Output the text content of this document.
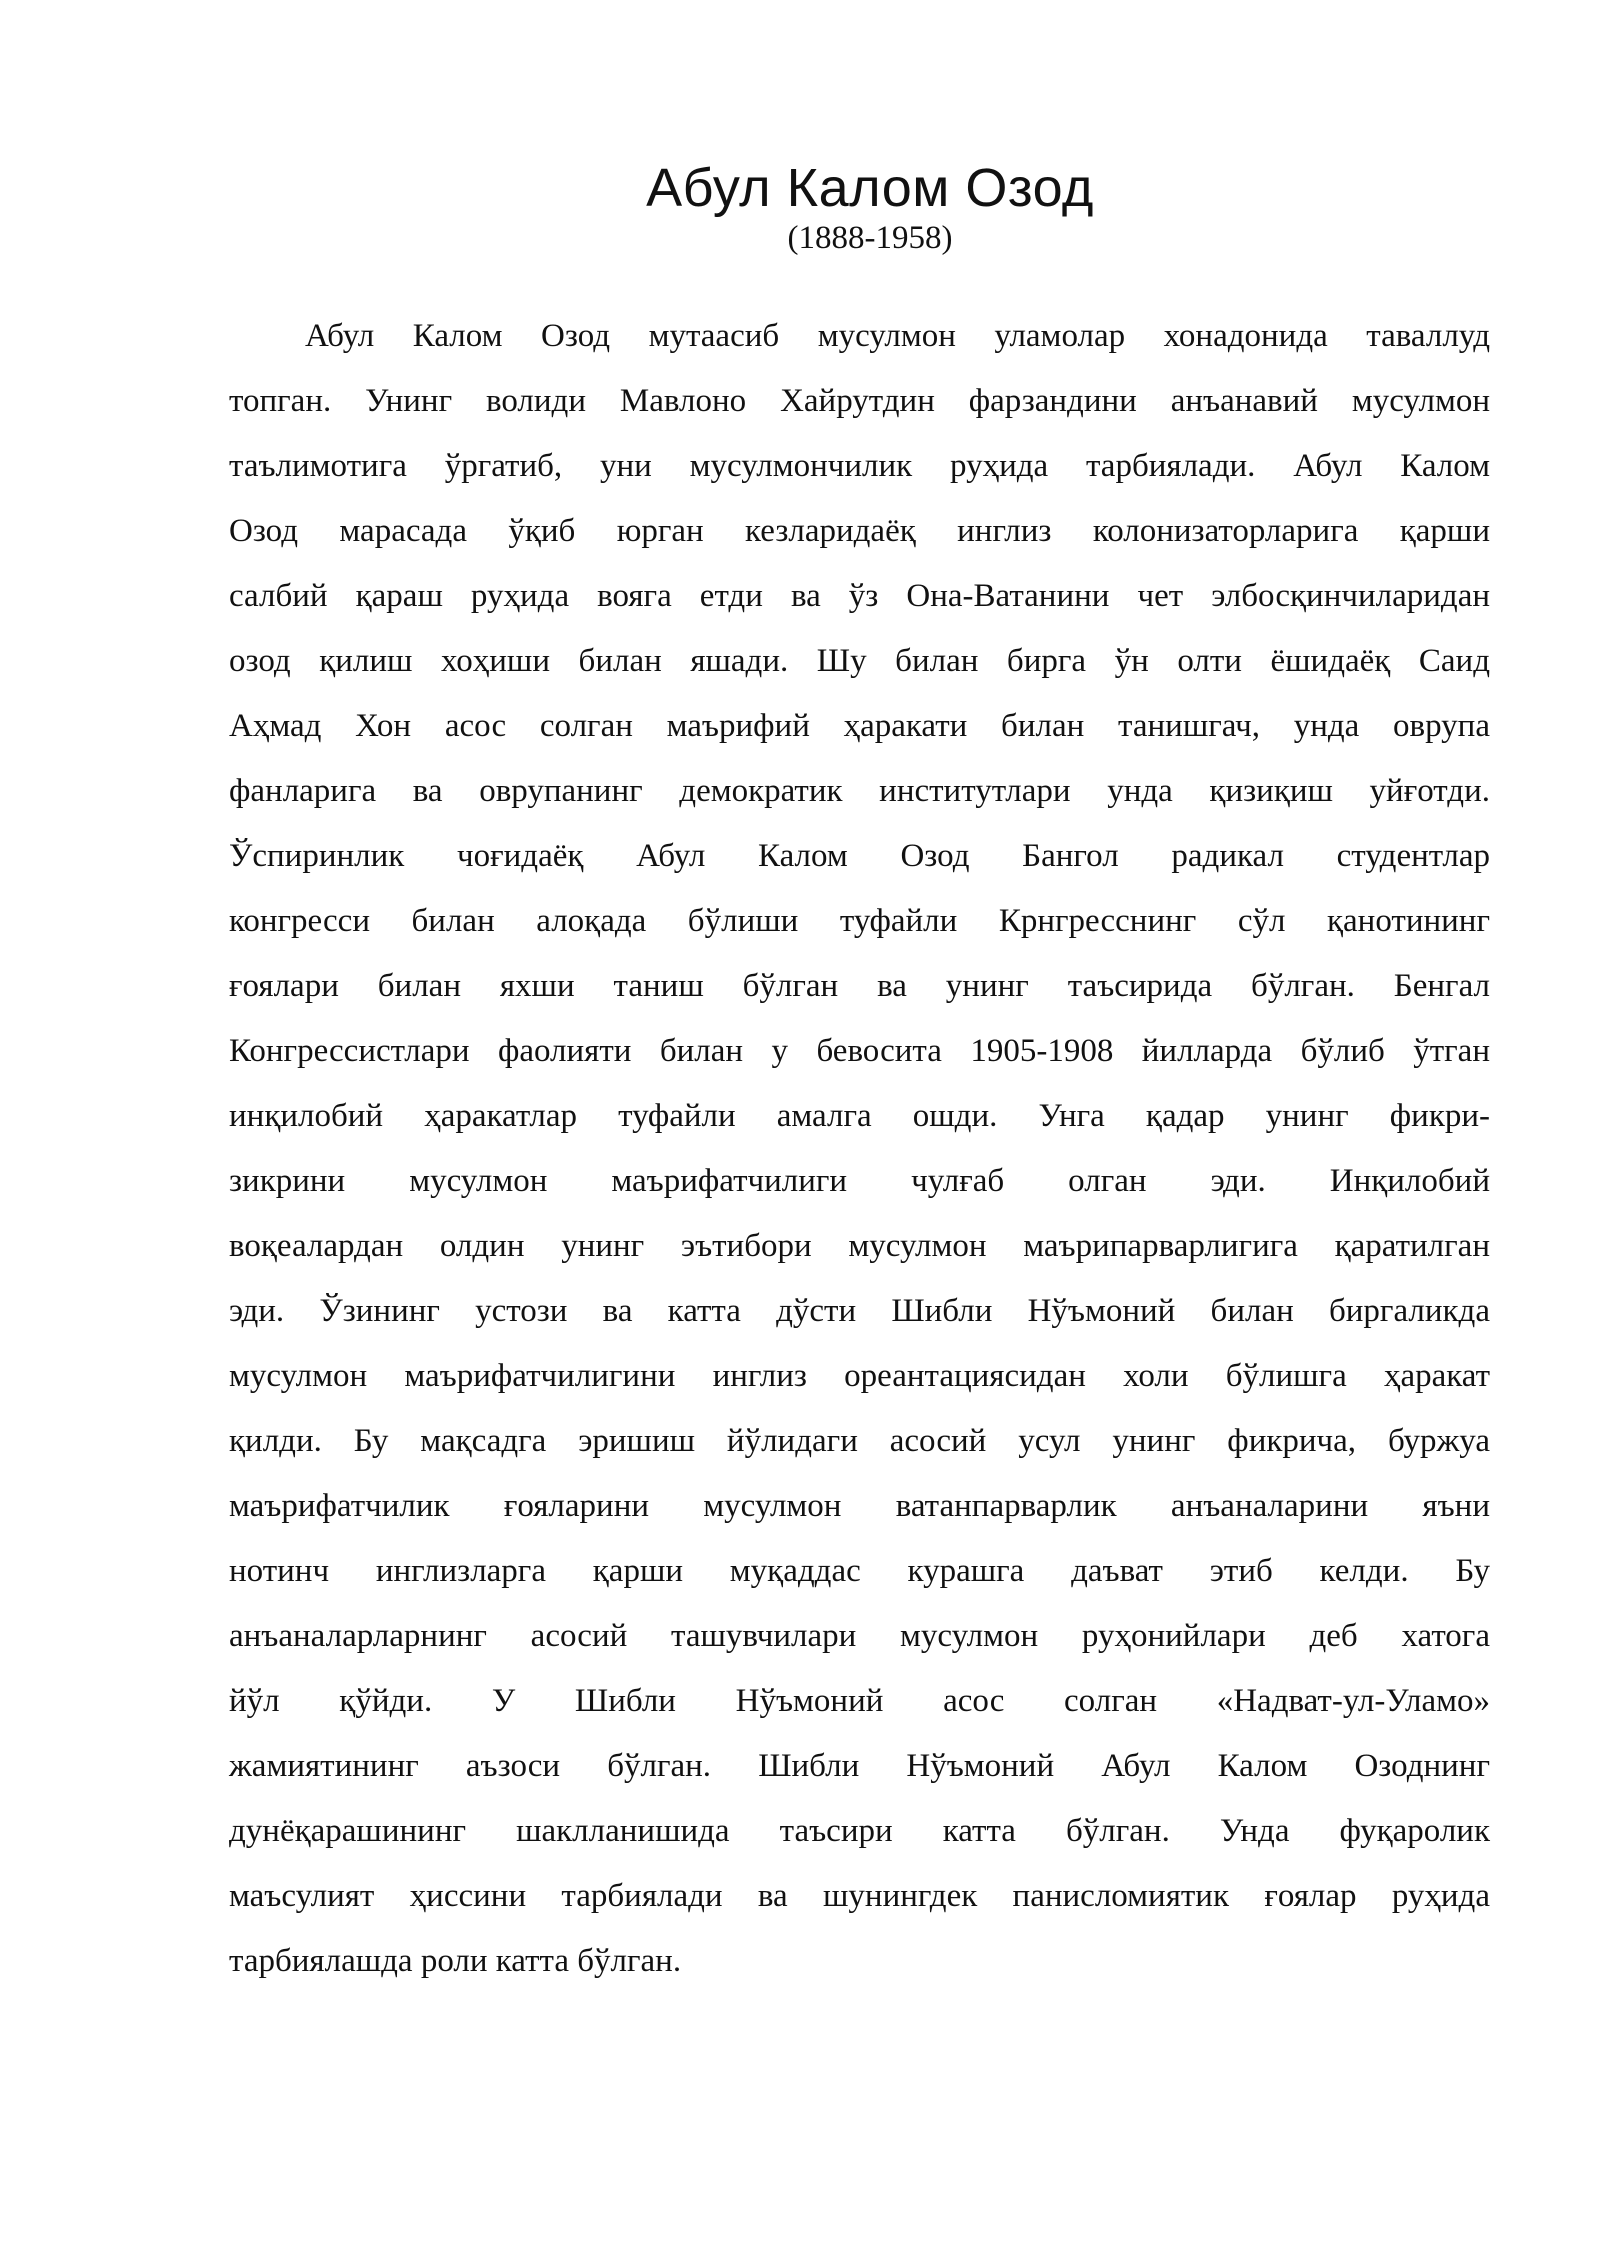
Абул Калом Озод
(1888-1958)
Абул Калом Озод мутаасиб мусулмон уламолар хонадонида таваллуд
топган. Унинг волиди Мавлоно Хайрутдин фарзандини анъанавий мусулмон
таълимотига ўргатиб, уни мусулмончилик руҳида тарбиялади. Абул Калом
Озод марасада ўқиб юрган кезларидаёқ инглиз колонизаторларига қарши
салбий қараш руҳида вояга етди ва ўз Она-Ватанини чет элбосқинчиларидан
озод қилиш хоҳиши билан яшади. Шу билан бирга ўн олти ёшидаёқ Саид
Аҳмад Хон асос солган маърифий ҳаракати билан танишгач, унда оврупа
фанларига ва оврупанинг демократик институтлари унда қизиқиш уйғотди.
Ўспиринлик чоғидаёқ Абул Калом Озод Бангол радикал студентлар
конгресси билан алоқада бўлиши туфайли Крнгресснинг сўл қанотининг
ғоялари билан яхши таниш бўлган ва унинг таъсирида бўлган. Бенгал
Конгрессистлари фаолияти билан у бевосита 1905-1908 йилларда бўлиб ўтган
инқилобий ҳаракатлар туфайли амалга ошди. Унга қадар унинг фикри-
зикрини мусулмон маърифатчилиги чулғаб олган эди. Инқилобий
воқеалардан олдин унинг эътибори мусулмон маърипарварлигига қаратилган
эди. Ўзининг устози ва катта дўсти Шибли Нўъмоний билан биргаликда
мусулмон маърифатчилигини инглиз ореантациясидан холи бўлишга ҳаракат
қилди. Бу мақсадга эришиш йўлидаги асосий усул унинг фикрича, буржуа
маърифатчилик ғояларини мусулмон ватанпарварлик анъаналарини яъни
нотинч инглизларга қарши муқаддас курашга даъват этиб келди. Бу
анъаналарларнинг асосий ташувчилари мусулмон руҳонийлари деб хатога
йўл қўйди. У Шибли Нўъмоний асос солган «Надват-ул-Уламо»
жамиятининг аъзоси бўлган. Шибли Нўъмоний Абул Калом Озоднинг
дунёқарашининг шаклланишида таъсири катта бўлган. Унда фуқаролик
маъсулият ҳиссини тарбиялади ва шунингдек панисломиятик ғоялар руҳида
тарбиялашда роли катта бўлган.
